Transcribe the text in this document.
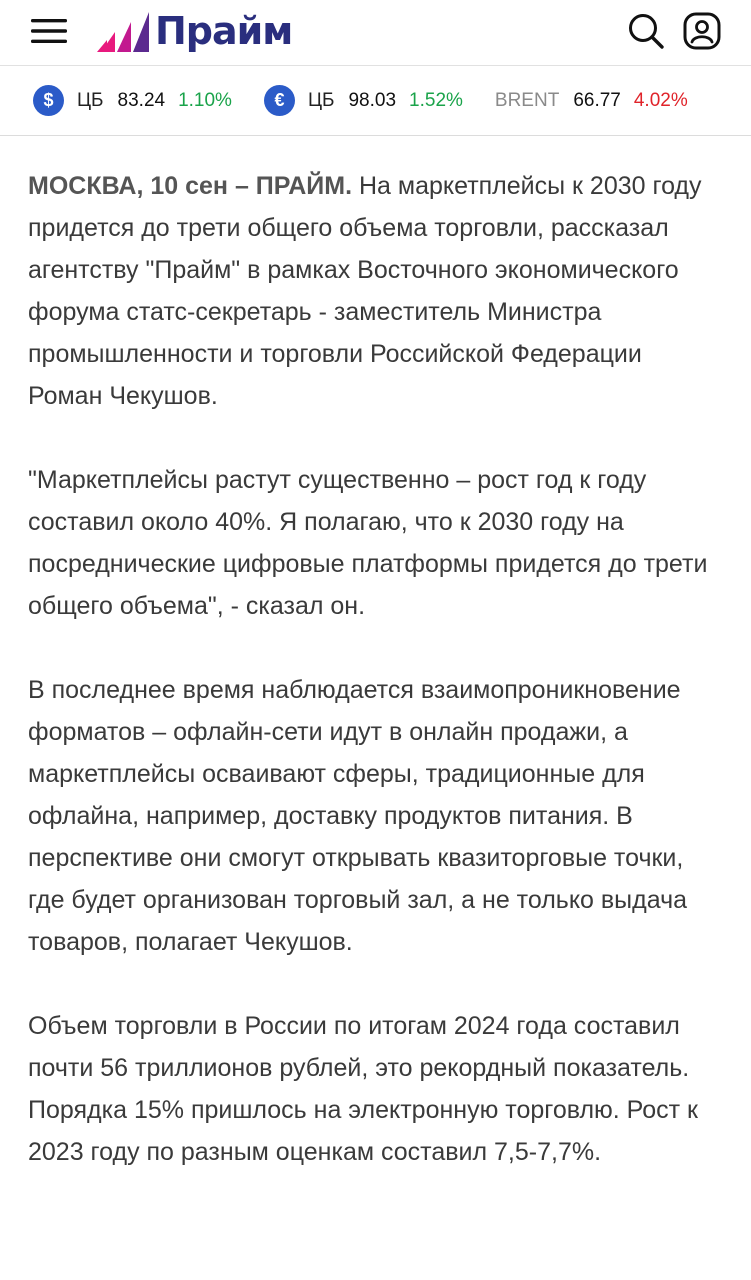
Прайм
$	ЦБ 83.24 1.10%	€	ЦБ 98.03 1.52% BRENT 66.77 4.02%

МОСКВА, 10 сен – ПРАЙМ. На маркетплейсы к 2030 году придется до трети общего объема торговли, рассказал агентству "Прайм" в рамках Восточного экономического форума статс-секретарь - заместитель Министра промышленности и торговли Российской Федерации Роман Чекушов.

"Маркетплейсы растут существенно – рост год к году составил около 40%. Я полагаю, что к 2030 году на посреднические цифровые платформы придется до трети общего объема", - сказал он.

В последнее время наблюдается взаимопроникновение форматов – офлайн-сети идут в онлайн продажи, а маркетплейсы осваивают сферы, традиционные для офлайна, например, доставку продуктов питания. В перспективе они смогут открывать квазиторговые точки, где будет организован торговый зал, а не только выдача товаров, полагает Чекушов.

Объем торговли в России по итогам 2024 года составил почти 56 триллионов рублей, это рекордный показатель. Порядка 15% пришлось на электронную торговлю. Рост к 2023 году по разным оценкам составил 7,5-7,7%.
